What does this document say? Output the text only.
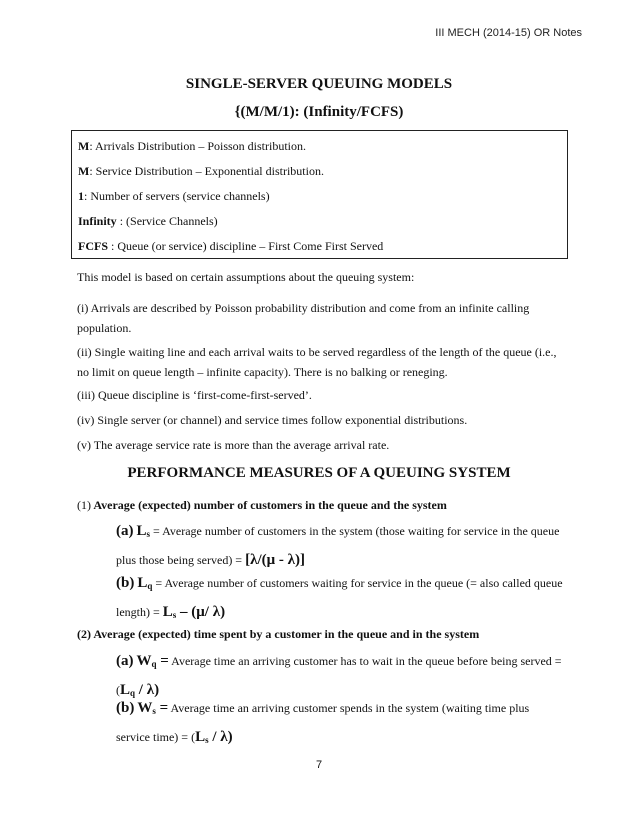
III MECH (2014-15) OR Notes
SINGLE-SERVER QUEUING MODELS
{(M/M/1): (Infinity/FCFS)
M: Arrivals Distribution – Poisson distribution.
M: Service Distribution – Exponential distribution.
1: Number of servers (service channels)
Infinity : (Service Channels)
FCFS : Queue (or service) discipline – First Come First Served
This model is based on certain assumptions about the queuing system:
(i) Arrivals are described by Poisson probability distribution and come from an infinite calling population.
(ii) Single waiting line and each arrival waits to be served regardless of the length of the queue (i.e., no limit on queue length – infinite capacity). There is no balking or reneging.
(iii) Queue discipline is ‘first-come-first-served’.
(iv) Single server (or channel) and service times follow exponential distributions.
(v) The average service rate is more than the average arrival rate.
PERFORMANCE MEASURES OF A QUEUING SYSTEM
(1) Average (expected) number of customers in the queue and the system
(a) Ls = Average number of customers in the system (those waiting for service in the queue plus those being served) = [λ/(μ - λ)]
(b) Lq = Average number of customers waiting for service in the queue (= also called queue length) = Ls – (μ/ λ)
(2) Average (expected) time spent by a customer in the queue and in the system
(a) Wq = Average time an arriving customer has to wait in the queue before being served = (Lq / λ)
(b) Ws = Average time an arriving customer spends in the system (waiting time plus service time) = (Ls / λ)
7
